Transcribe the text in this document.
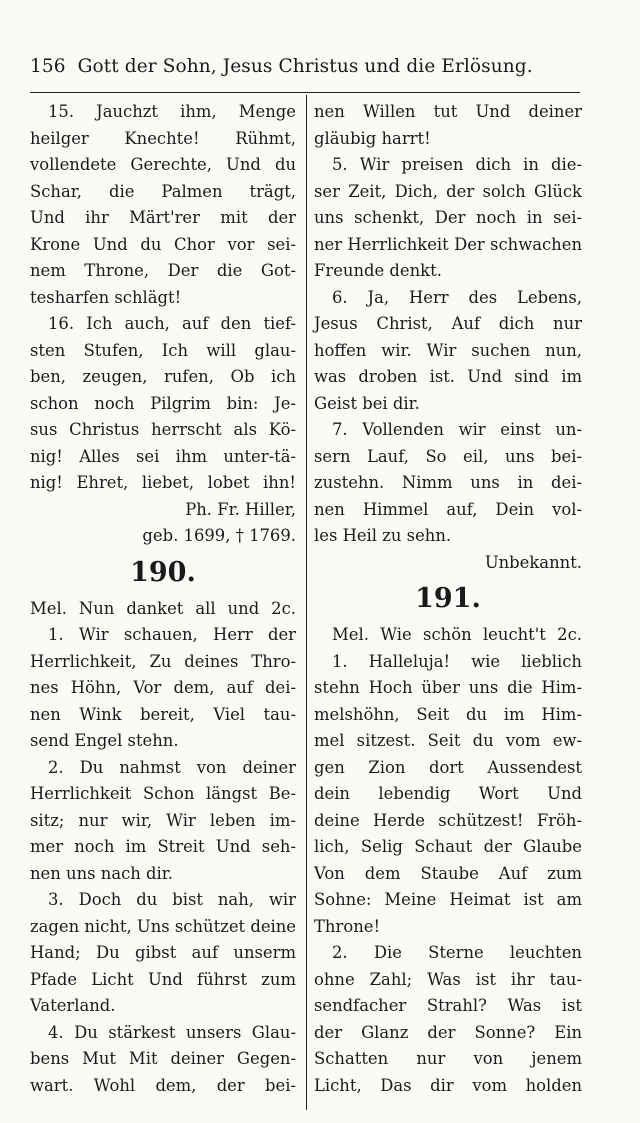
156 Gott der Sohn, Jesus Christus und die Erlösung.
15. Jauchzt ihm, Menge
heilger Knechte! Rühmt,
vollendete Gerechte, Und du
Schar, die Palmen trägt,
Und ihr Märt'rer mit der
Krone Und du Chor vor sei-
nem Throne, Der die Got-
tesharfen schlägt!
16. Ich auch, auf den tief-
sten Stufen, Ich will glau-
ben, zeugen, rufen, Ob ich
schon noch Pilgrim bin: Je-
sus Christus herrscht als Kö-
nig! Alles sei ihm unter-tä-
nig! Ehret, liebet, lobet ihn!
Ph. Fr. Hiller,
geb. 1699, † 1769.
190.
Mel. Nun danket all und 2c.
1. Wir schauen, Herr der
Herrlichkeit, Zu deines Thro-
nes Höhn, Vor dem, auf dei-
nen Wink bereit, Viel tau-
send Engel stehn.
2. Du nahmst von deiner
Herrlichkeit Schon längst Be-
sitz; nur wir, Wir leben im-
mer noch im Streit Und seh-
nen uns nach dir.
3. Doch du bist nah, wir
zagen nicht, Uns schützet deine
Hand; Du gibst auf unserm
Pfade Licht Und führst zum
Vaterland.
4. Du stärkest unsers Glau-
bens Mut Mit deiner Gegen-
wart. Wohl dem, der bei-
nen Willen tut Und deiner
gläubig harrt!
5. Wir preisen dich in die-
ser Zeit, Dich, der solch Glück
uns schenkt, Der noch in sei-
ner Herrlichkeit Der schwachen
Freunde denkt.
6. Ja, Herr des Lebens,
Jesus Christ, Auf dich nur
hoffen wir. Wir suchen nun,
was droben ist. Und sind im
Geist bei dir.
7. Vollenden wir einst un-
sern Lauf, So eil, uns bei-
zustehn. Nimm uns in dei-
nen Himmel auf, Dein vol-
les Heil zu sehn.
Unbekannt.
191.
Mel. Wie schön leucht't 2c.
1. Halleluja! wie lieblich
stehn Hoch über uns die Him-
melshöhn, Seit du im Him-
mel sitzest. Seit du vom ew-
gen Zion dort Aussendest
dein lebendig Wort Und
deine Herde schützest! Fröh-
lich, Selig Schaut der Glaube
Von dem Staube Auf zum
Sohne: Meine Heimat ist am
Throne!
2. Die Sterne leuchten
ohne Zahl; Was ist ihr tau-
sendfacher Strahl? Was ist
der Glanz der Sonne? Ein
Schatten nur von jenem
Licht, Das dir vom holden
